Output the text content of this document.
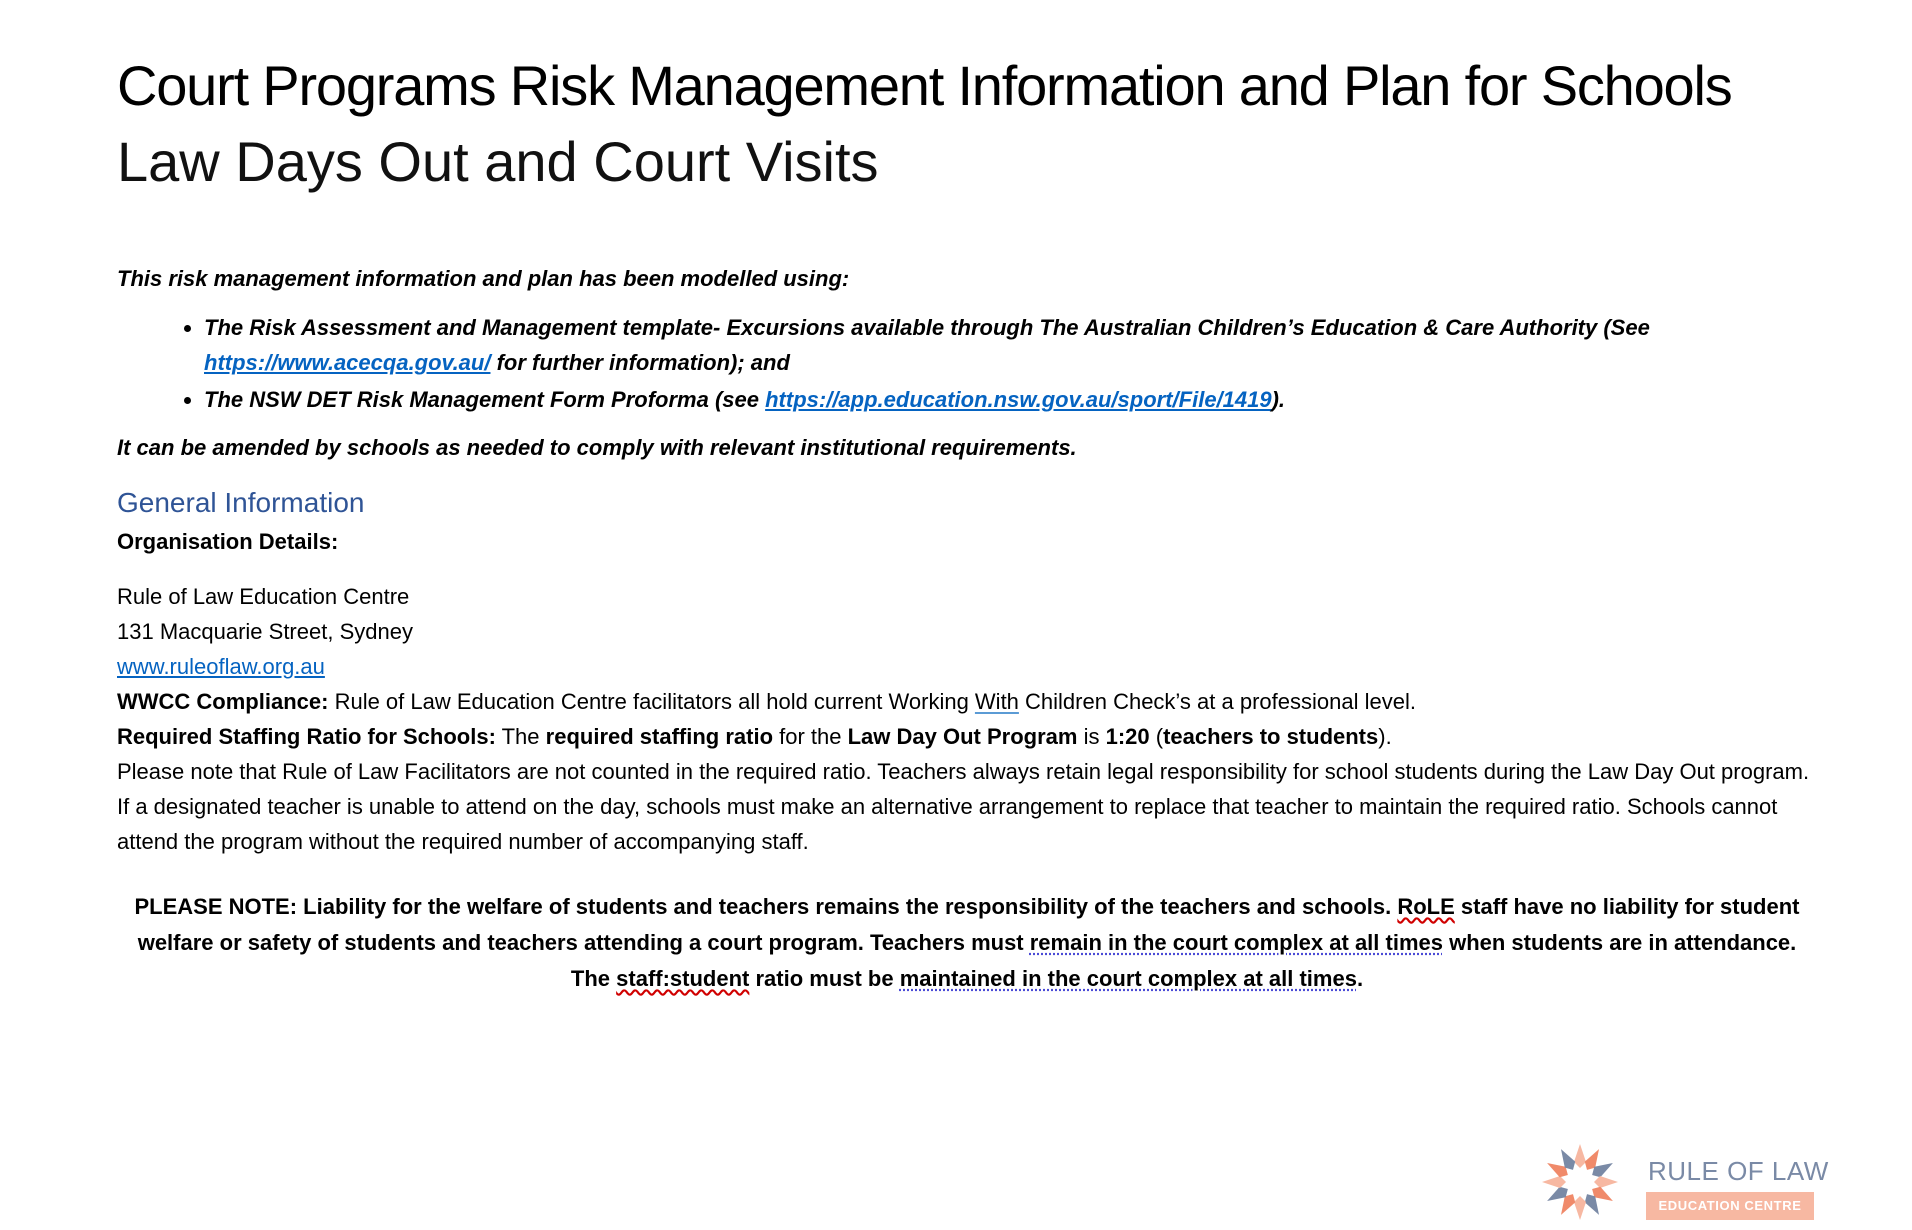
Court Programs Risk Management Information and Plan for Schools
Law Days Out and Court Visits
This risk management information and plan has been modelled using:
• The Risk Assessment and Management template- Excursions available through The Australian Children’s Education & Care Authority (See https://www.acecqa.gov.au/ for further information); and
• The NSW DET Risk Management Form Proforma (see https://app.education.nsw.gov.au/sport/File/1419).
It can be amended by schools as needed to comply with relevant institutional requirements.
General Information
Organisation Details:
Rule of Law Education Centre
131 Macquarie Street, Sydney
www.ruleoflaw.org.au

WWCC Compliance: Rule of Law Education Centre facilitators all hold current Working With Children Check’s at a professional level.

Required Staffing Ratio for Schools: The required staffing ratio for the Law Day Out Program is 1:20 (teachers to students).

Please note that Rule of Law Facilitators are not counted in the required ratio. Teachers always retain legal responsibility for school students during the Law Day Out program. If a designated teacher is unable to attend on the day, schools must make an alternative arrangement to replace that teacher to maintain the required ratio. Schools cannot attend the program without the required number of accompanying staff.

PLEASE NOTE: Liability for the welfare of students and teachers remains the responsibility of the teachers and schools. RoLE staff have no liability for student welfare or safety of students and teachers attending a court program. Teachers must remain in the court complex at all times when students are in attendance. The staff:student ratio must be maintained in the court complex at all times.
RULE OF LAW
EDUCATION CENTRE
